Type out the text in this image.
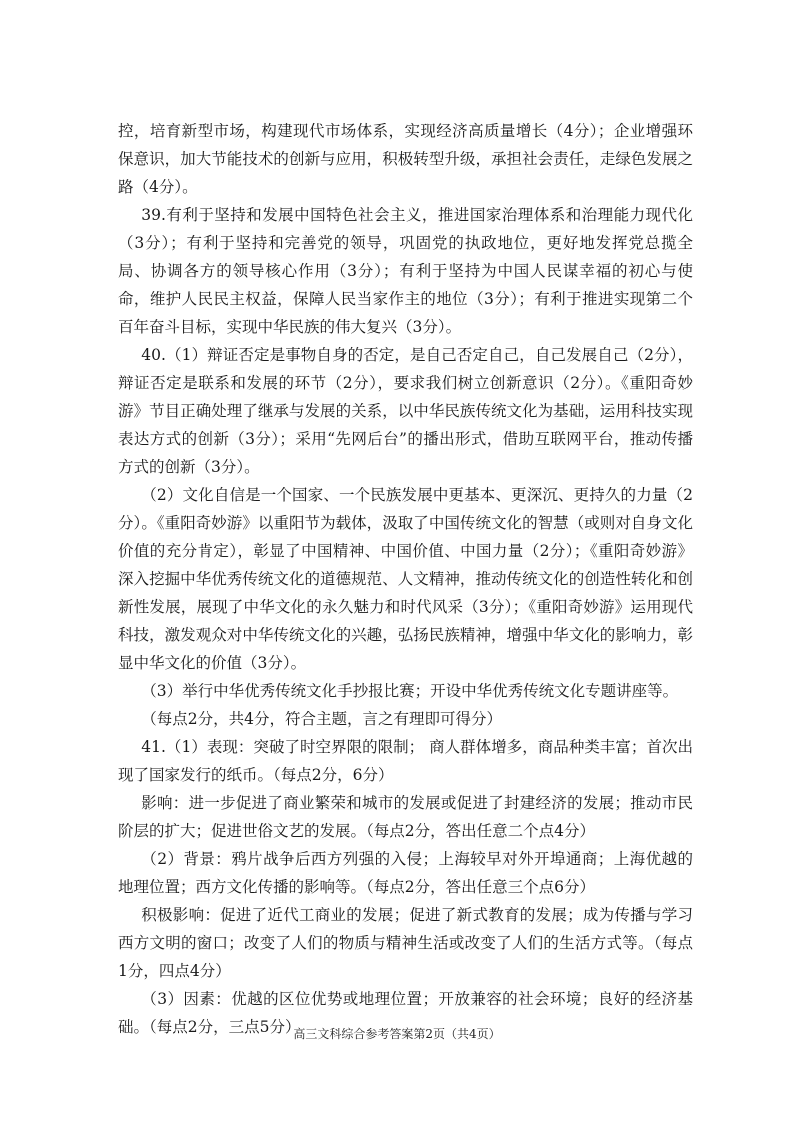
控，培育新型市场，构建现代市场体系，实现经济高质量增长（4分）；企业增强环保意识，加大节能技术的创新与应用，积极转型升级，承担社会责任，走绿色发展之路（4分）。

39.有利于坚持和发展中国特色社会主义，推进国家治理体系和治理能力现代化（3分）；有利于坚持和完善党的领导，巩固党的执政地位，更好地发挥党总揽全局、协调各方的领导核心作用（3分）；有利于坚持为中国人民谋幸福的初心与使命，维护人民民主权益，保障人民当家作主的地位（3分）；有利于推进实现第二个百年奋斗目标，实现中华民族的伟大复兴（3分）。

40.（1）辩证否定是事物自身的否定，是自己否定自己，自己发展自己（2分），辩证否定是联系和发展的环节（2分），要求我们树立创新意识（2分）。《重阳奇妙游》节目正确处理了继承与发展的关系，以中华民族传统文化为基础，运用科技实现表达方式的创新（3分）；采用“先网后台”的播出形式，借助互联网平台，推动传播方式的创新（3分）。

（2）文化自信是一个国家、一个民族发展中更基本、更深沉、更持久的力量（2分）。《重阳奇妙游》以重阳节为载体，汲取了中国传统文化的智慧（或则对自身文化价值的充分肯定），彰显了中国精神、中国价值、中国力量（2分）；《重阳奇妙游》深入挖掘中华优秀传统文化的道德规范、人文精神，推动传统文化的创造性转化和创新性发展，展现了中华文化的永久魅力和时代风采（3分）；《重阳奇妙游》运用现代科技，激发观众对中华传统文化的兴趣，弘扬民族精神，增强中华文化的影响力，彰显中华文化的价值（3分）。

（3）举行中华优秀传统文化手抄报比赛；开设中华优秀传统文化专题讲座等。

（每点2分，共4分，符合主题，言之有理即可得分）

41.（1）表现：突破了时空界限的限制； 商人群体增多，商品种类丰富；首次出现了国家发行的纸币。（每点2分，6分）

影响：进一步促进了商业繁荣和城市的发展或促进了封建经济的发展；推动市民阶层的扩大；促进世俗文艺的发展。（每点2分，答出任意二个点4分）

（2）背景：鸦片战争后西方列强的入侵；上海较早对外开埠通商；上海优越的地理位置；西方文化传播的影响等。（每点2分，答出任意三个点6分）

积极影响：促进了近代工商业的发展；促进了新式教育的发展；成为传播与学习西方文明的窗口；改变了人们的物质与精神生活或改变了人们的生活方式等。（每点1分，四点4分）

（3）因素：优越的区位优势或地理位置；开放兼容的社会环境；良好的经济基础。（每点2分，三点5分）

高三文科综合参考答案第2页（共4页）
